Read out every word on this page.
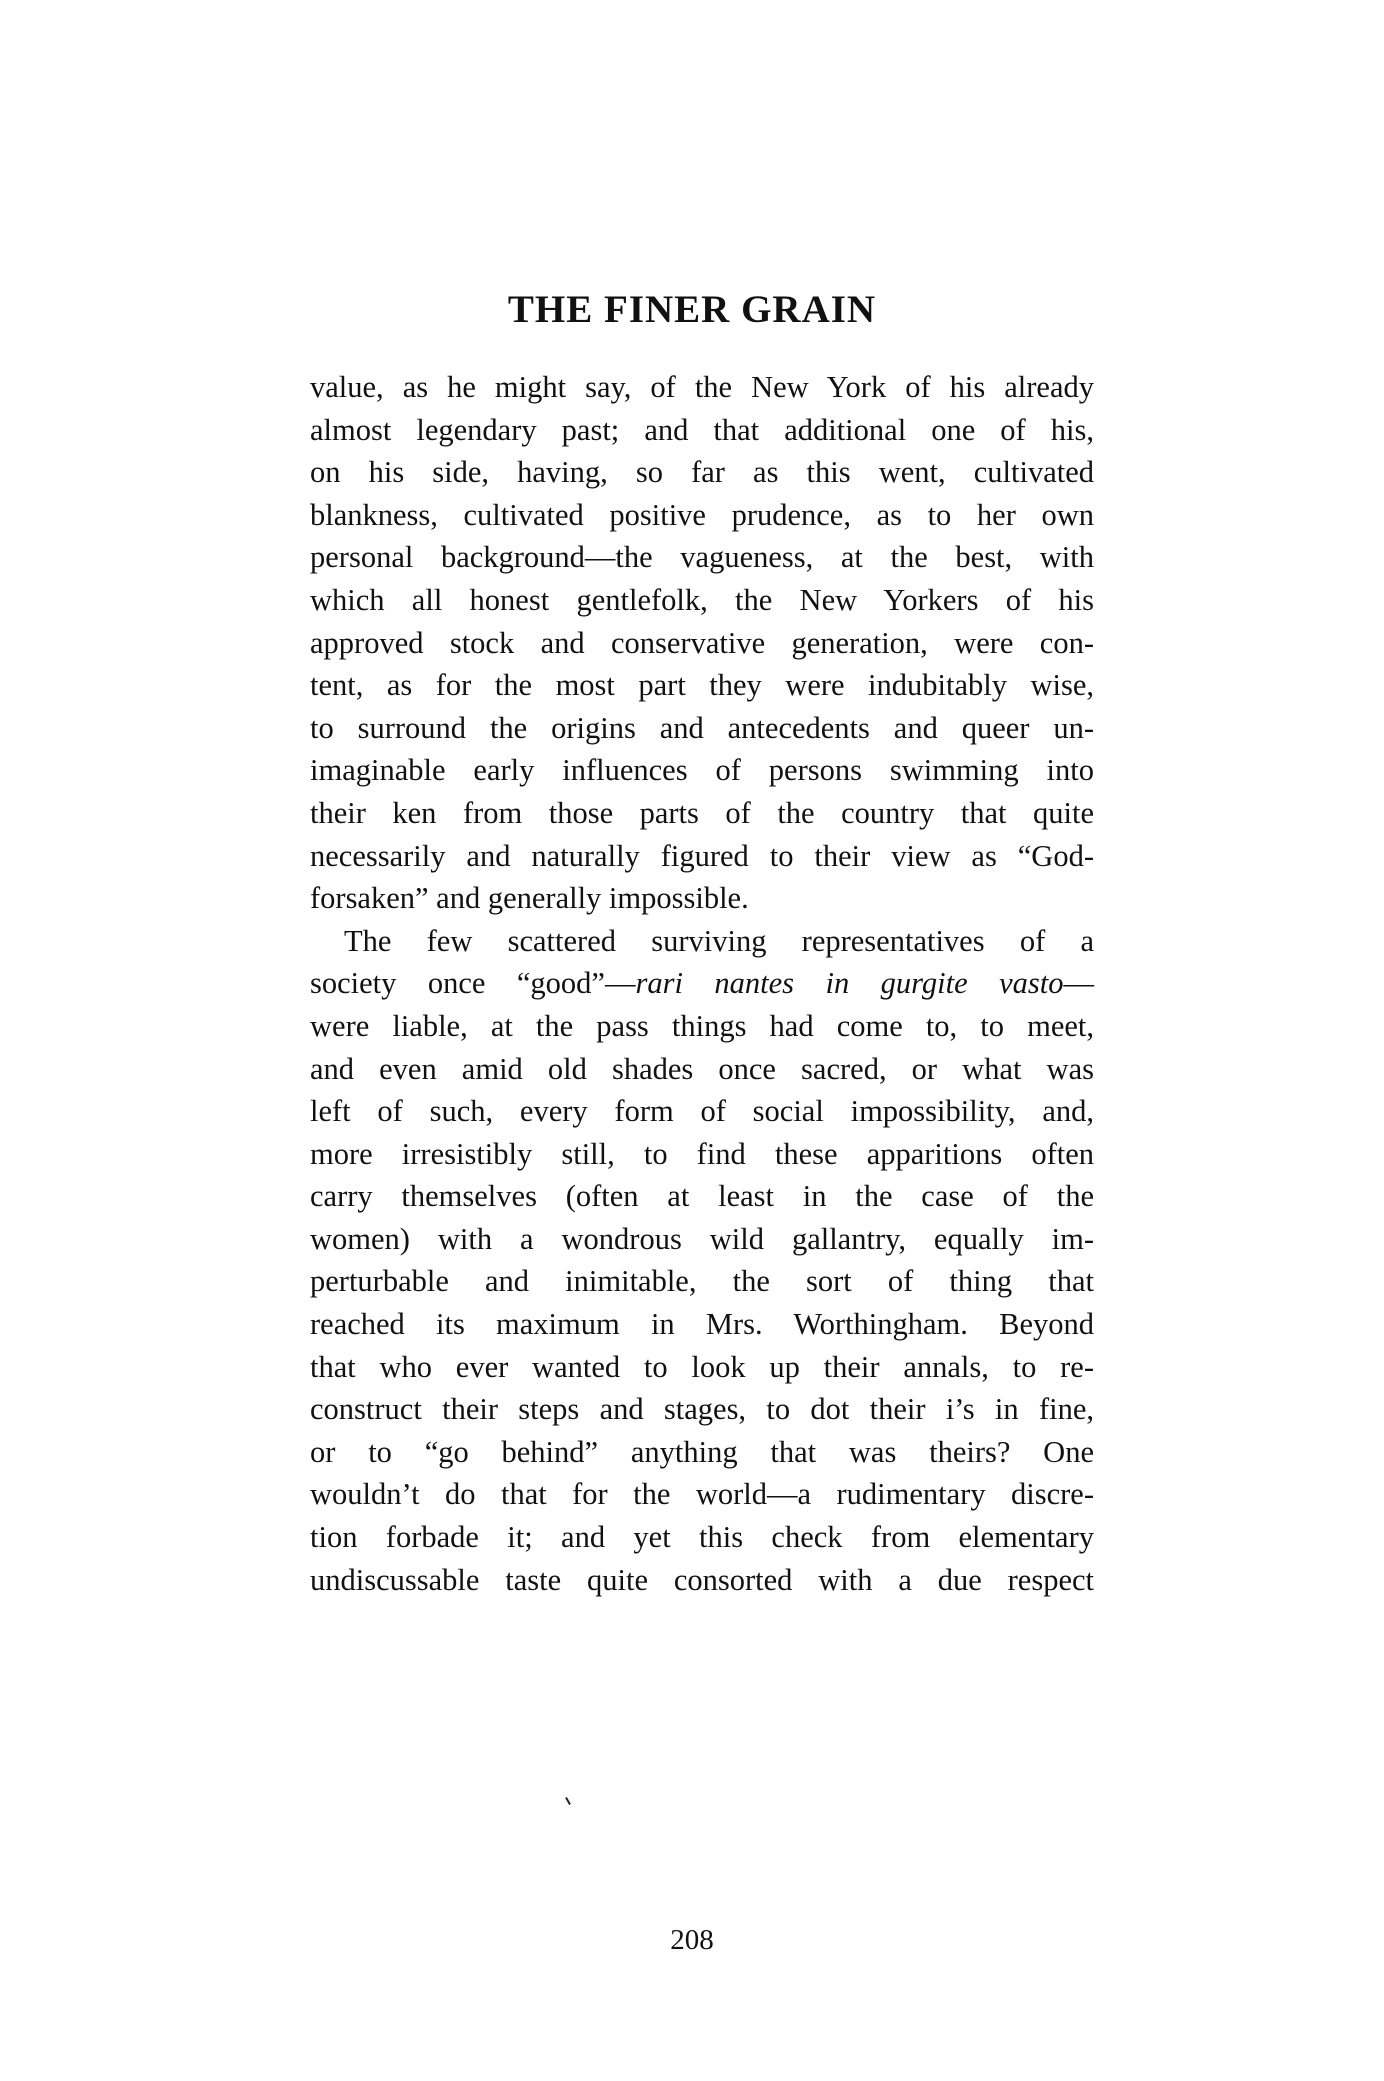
THE FINER GRAIN
value, as he might say, of the New York of his already
almost legendary past; and that additional one of his,
on his side, having, so far as this went, cultivated
blankness, cultivated positive prudence, as to her own
personal background—the vagueness, at the best, with
which all honest gentlefolk, the New Yorkers of his
approved stock and conservative generation, were con-
tent, as for the most part they were indubitably wise,
to surround the origins and antecedents and queer un-
imaginable early influences of persons swimming into
their ken from those parts of the country that quite
necessarily and naturally figured to their view as “God-
forsaken” and generally impossible.
The few scattered surviving representatives of a
society once “good”—rari nantes in gurgite vasto—
were liable, at the pass things had come to, to meet,
and even amid old shades once sacred, or what was
left of such, every form of social impossibility, and,
more irresistibly still, to find these apparitions often
carry themselves (often at least in the case of the
women) with a wondrous wild gallantry, equally im-
perturbable and inimitable, the sort of thing that
reached its maximum in Mrs. Worthingham. Beyond
that who ever wanted to look up their annals, to re-
construct their steps and stages, to dot their i’s in fine,
or to “go behind” anything that was theirs? One
wouldn’t do that for the world—a rudimentary discre-
tion forbade it; and yet this check from elementary
undiscussable taste quite consorted with a due respect
208
